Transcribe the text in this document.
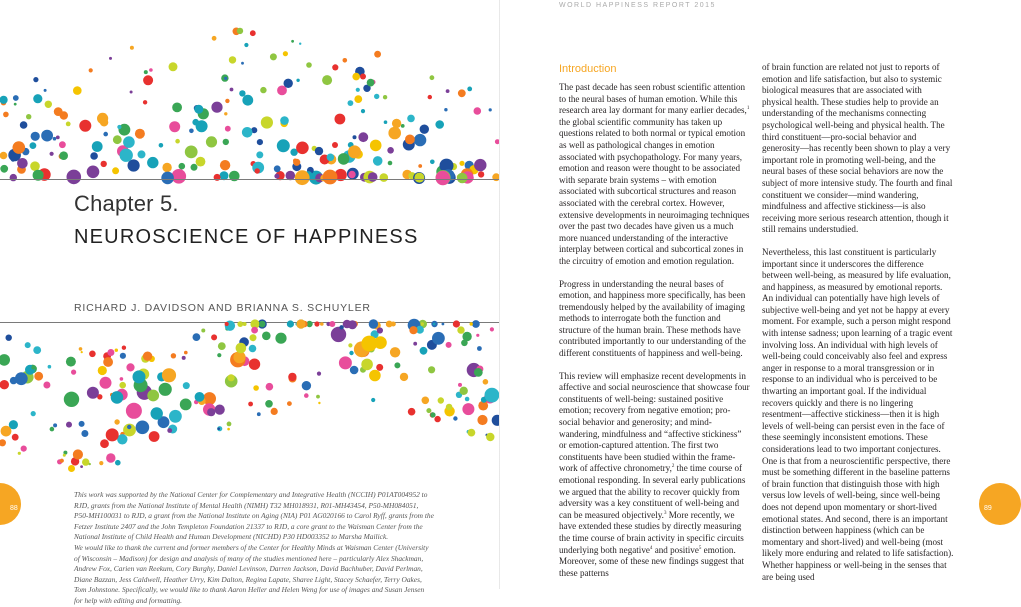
Chapter 5.
NEUROSCIENCE OF HAPPINESS
RICHARD J. DAVIDSON AND BRIANNA S. SCHUYLER

This work was supported by the National Center for Complementary and Integrative Health (NCCIH) P01AT004952 to RJD, grants from the National Institute of Mental Health (NIMH) T32 MH018931, R01-MH43454, P50-MH084051, P50-MH100031 to RJD, a grant from the National Institute on Aging (NIA) P01 AG020166 to Carol Ryff, grants from the Fetzer Institute 2407 and the John Templeton Foundation 21337 to RJD, a core grant to the Waisman Center from the National Institute of Child Health and Human Development (NICHD) P30 HD003352 to Marsha Mailick.

We would like to thank the current and former members of the Center for Healthy Minds at Waisman Center (University of Wisconsin – Madison) for design and analysis of many of the studies mentioned here – particularly Alex Shackman, Andrew Fox, Carien van Reekum, Cory Burghy, Daniel Levinson, Darren Jackson, David Bachhuber, David Perlman, Diane Bazzan, Jess Caldwell, Heather Urry, Kim Dalton, Regina Lapate, Sharee Light, Stacey Schaefer, Terry Oakes, Tom Johnstone. Specifically, we would like to thank Aaron Heller and Helen Weng for use of images and Susan Jensen for help with editing and formatting.

88
WORLD HAPPINESS REPORT 2015
Introduction

The past decade has seen robust scientific attention to the neural bases of human emotion. While this research area lay dormant for many earlier decades,$^1$ the global scientific community has taken up questions related to both normal or typical emotion as well as pathological changes in emotion associated with psychopathology. For many years, emotion and reason were thought to be associated with separate brain systems – with emotion associated with subcortical structures and reason associated with the cerebral cortex. However, extensive developments in neuroimaging techniques over the past two decades have given us a much more nuanced understanding of the interactive interplay between cortical and subcortical zones in the circuitry of emotion and emotion regulation.

Progress in understanding the neural bases of emotion, and happiness more specifically, has been tremendously helped by the availability of imaging methods to interrogate both the function and structure of the human brain. These methods have contributed importantly to our understanding of the different constituents of happiness and well-being.

This review will emphasize recent developments in affective and social neuroscience that showcase four constituents of well-being: sustained positive emotion; recovery from negative emotion; pro-social behavior and generosity; and mind-wandering, mindfulness and “affective stickiness” or emotion-captured attention. The first two constituents have been studied within the frame-work of affective chronometry,$^2$ the time course of emotional responding. In several early publications we argued that the ability to recover quickly from adversity was a key constituent of well-being and can be measured objectively.$^3$ More recently, we have extended these studies by directly measuring the time course of brain activity in specific circuits underlying both negative$^4$ and positive$^5$ emotion. Moreover, some of these new findings suggest that these patterns

of brain function are related not just to reports of emotion and life satisfaction, but also to systemic biological measures that are associated with physical health. These studies help to provide an understanding of the mechanisms connecting psychological well-being and physical health. The third constituent—pro-social behavior and generosity—has recently been shown to play a very important role in promoting well-being, and the neural bases of these social behaviors are now the subject of more intensive study. The fourth and final constituent we consider—mind wandering, mindfulness and affective stickiness—is also receiving more serious research attention, though it still remains understudied.

Nevertheless, this last constituent is particularly important since it underscores the difference between well-being, as measured by life evaluation, and happiness, as measured by emotional reports. An individual can potentially have high levels of subjective well-being and yet not be happy at every moment. For example, such a person might respond with intense sadness; upon learning of a tragic event involving loss. An individual with high levels of well-being could conceivably also feel and express anger in response to a moral transgression or in response to an individual who is perceived to be thwarting an important goal. If the individual recovers quickly and there is no lingering resentment—affective stickiness—then it is high levels of well-being can persist even in the face of these seemingly inconsistent emotions. These considerations lead to two important conjectures. One is that from a neuroscientific perspective, there must be something different in the baseline patterns of brain function that distinguish those with high versus low levels of well-being, since well-being does not depend upon momentary or short-lived emotional states. And second, there is an important distinction between happiness (which can be momentary and short-lived) and well-being (most likely more enduring and related to life satisfaction). Whether happiness or well-being in the senses that are being used

89
